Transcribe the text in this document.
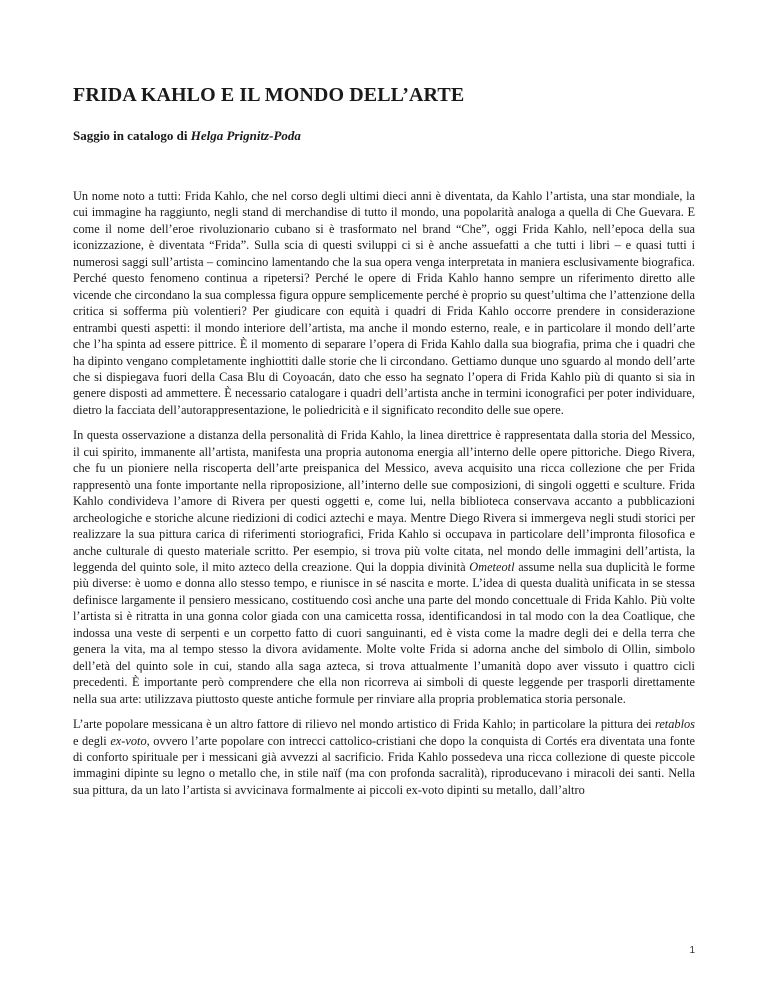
FRIDA KAHLO E IL MONDO DELL’ARTE
Saggio in catalogo di Helga Prignitz-Poda

Un nome noto a tutti: Frida Kahlo, che nel corso degli ultimi dieci anni è diventata, da Kahlo l’artista, una star mondiale, la cui immagine ha raggiunto, negli stand di merchandise di tutto il mondo, una popolarità analoga a quella di Che Guevara. E come il nome dell’eroe rivoluzionario cubano si è trasformato nel brand “Che”, oggi Frida Kahlo, nell’epoca della sua iconizzazione, è diventata “Frida”. Sulla scia di questi sviluppi ci si è anche assuefatti a che tutti i libri – e quasi tutti i numerosi saggi sull’artista – comincino lamentando che la sua opera venga interpretata in maniera esclusivamente biografica. Perché questo fenomeno continua a ripetersi? Perché le opere di Frida Kahlo hanno sempre un riferimento diretto alle vicende che circondano la sua complessa figura oppure semplicemente perché è proprio su quest’ultima che l’attenzione della critica si sofferma più volentieri? Per giudicare con equità i quadri di Frida Kahlo occorre prendere in considerazione entrambi questi aspetti: il mondo interiore dell’artista, ma anche il mondo esterno, reale, e in particolare il mondo dell’arte che l’ha spinta ad essere pittrice. È il momento di separare l’opera di Frida Kahlo dalla sua biografia, prima che i quadri che ha dipinto vengano completamente inghiottiti dalle storie che li circondano. Gettiamo dunque uno sguardo al mondo dell’arte che si dispiegava fuori della Casa Blu di Coyoacán, dato che esso ha segnato l’opera di Frida Kahlo più di quanto si sia in genere disposti ad ammettere. È necessario catalogare i quadri dell’artista anche in termini iconografici per poter individuare, dietro la facciata dell’autorappresentazione, le poliedricità e il significato recondito delle sue opere.

In questa osservazione a distanza della personalità di Frida Kahlo, la linea direttrice è rappresentata dalla storia del Messico, il cui spirito, immanente all’artista, manifesta una propria autonoma energia all’interno delle opere pittoriche. Diego Rivera, che fu un pioniere nella riscoperta dell’arte preispanica del Messico, aveva acquisito una ricca collezione che per Frida rappresentò una fonte importante nella riproposizione, all’interno delle sue composizioni, di singoli oggetti e sculture. Frida Kahlo condivideva l’amore di Rivera per questi oggetti e, come lui, nella biblioteca conservava accanto a pubblicazioni archeologiche e storiche alcune riedizioni di codici aztechi e maya. Mentre Diego Rivera si immergeva negli studi storici per realizzare la sua pittura carica di riferimenti storiografici, Frida Kahlo si occupava in particolare dell’impronta filosofica e anche culturale di questo materiale scritto. Per esempio, si trova più volte citata, nel mondo delle immagini dell’artista, la leggenda del quinto sole, il mito azteco della creazione. Qui la doppia divinità Ometeotl assume nella sua duplicità le forme più diverse: è uomo e donna allo stesso tempo, e riunisce in sé nascita e morte. L’idea di questa dualità unificata in se stessa definisce largamente il pensiero messicano, costituendo così anche una parte del mondo concettuale di Frida Kahlo. Più volte l’artista si è ritratta in una gonna color giada con una camicetta rossa, identificandosi in tal modo con la dea Coatlique, che indossa una veste di serpenti e un corpetto fatto di cuori sanguinanti, ed è vista come la madre degli dei e della terra che genera la vita, ma al tempo stesso la divora avidamente. Molte volte Frida si adorna anche del simbolo di Ollin, simbolo dell’età del quinto sole in cui, stando alla saga azteca, si trova attualmente l’umanità dopo aver vissuto i quattro cicli precedenti. È importante però comprendere che ella non ricorreva ai simboli di queste leggende per trasporli direttamente nella sua arte: utilizzava piuttosto queste antiche formule per rinviare alla propria problematica storia personale.

L’arte popolare messicana è un altro fattore di rilievo nel mondo artistico di Frida Kahlo; in particolare la pittura dei retablos e degli ex-voto, ovvero l’arte popolare con intrecci cattolico-cristiani che dopo la conquista di Cortés era diventata una fonte di conforto spirituale per i messicani già avvezzi al sacrificio. Frida Kahlo possedeva una ricca collezione di queste piccole immagini dipinte su legno o metallo che, in stile naïf (ma con profonda sacralità), riproducevano i miracoli dei santi. Nella sua pittura, da un lato l’artista si avvicinava formalmente ai piccoli ex-voto dipinti su metallo, dall’altro

1
